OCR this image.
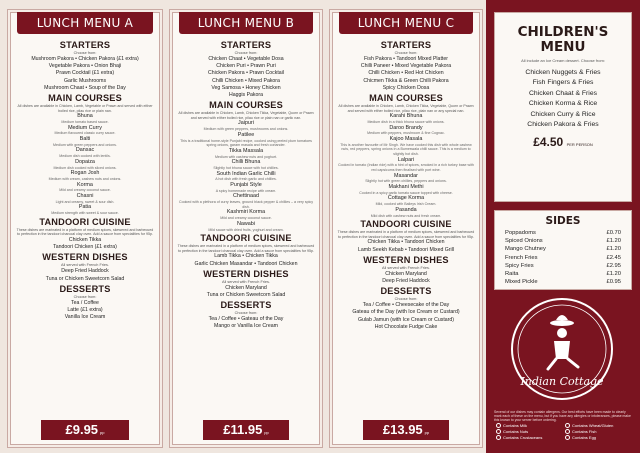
LUNCH MENU A
STARTERS
Choose from:
Mushroom Pakora • Chicken Pakora (£1 extra)
Vegetable Pakora • Onion Bhaji
Prawn Cocktail (£1 extra)
Garlic Mushrooms
Mushroom Chaat • Soup of the Day
MAIN COURSES
All dishes are available in Chicken, Lamb, Vegetable or Prawn and served with either boiled rice, pilau rice or plain nan.
Bhuna
Medium tomato based sauce.
Medium Curry
Medium flavoured classic curry sauce.
Balti
Medium with green peppers and onions.
Dansac
Medium dish cooked with lentils.
Dopaiza
Medium dish cooked with sliced onions.
Rogan Josh
Medium with cream, cashew nuts and onions.
Korma
Mild and creamy coconut sauce.
Chasni
Light and creamy, sweet & sour dish.
Patia
Medium strength with sweet & sour sauce.
TANDOORI CUISINE
These dishes are marinated in a platform of medium spices, skewered and barbecued to perfection in the tandoori charcoal clay oven. Add a sauce from specialities for 95p.
Chicken Tikka
Tandoori Chicken (£1 extra)
WESTERN DISHES
All served with French Fries.
Deep Fried Haddock
Tuna or Chicken Sweetcorn Salad
DESSERTS
Choose from:
Tea / Coffee
Latte (£1 extra)
Vanilla Ice Cream
£9.95 pp
LUNCH MENU B
STARTERS
Choose from:
Chicken Chaat • Vegetable Dosa
Chicken Puri • Prawn Puri
Chicken Pakora • Prawn Cocktail
Chilli Chicken • Mixed Pakora
Veg Samosa • Honey Chicken
Haggis Pakora
MAIN COURSES
All dishes are available in Chicken, Lamb, Chicken Tikka, Vegetable, Quorn or Prawn and served with either boiled rice, pilau rice or plain nan or garlic nan.
Jaipuri
Medium with green peppers, mushrooms and onions.
Patilee
This is a traditional home-style Punjabi recipe, cooked using peeled plum tomatoes spring onions, garam masala and fresh coriander.
Tikka Massala
Medium with cashew nuts and yoghurt.
Chilli Bhuna
Slightly hot bhuna sauce with hot chillies.
South Indian Garlic Chilli
A hot dish with fresh garlic and chillies.
Punjabi Style
A spicy homemade recipe with cream.
Chettinaad
Cooked with a plethora of curry leaves, ground black pepper & chillies – a very spicy dish.
Kashmiri Korma
Mild and creamy coconut sauce.
Nawabi
Mild sauce with dried fruits, yoghurt and cream.
TANDOORI CUISINE
These dishes are marinated in a platform of medium spices, skewered and barbecued to perfection in the tandoori charcoal clay oven. Add a sauce from specialities for 95p.
Lamb Tikka • Chicken Tikka
Garlic Chicken Masandar • Tandoori Chicken
WESTERN DISHES
All served with French Fries.
Chicken Maryland
Tuna or Chicken Sweetcorn Salad
DESSERTS
Choose from:
Tea / Coffee • Gateau of the Day
Mango or Vanilla Ice Cream
£11.95 pp
LUNCH MENU C
STARTERS
Choose from:
Fish Pakora • Tandoori Mixed Platter
Chilli Paneer • Mixed Vegetable Pakora
Chilli Chicken • Red Hot Chicken
Chicmen Tikka & Green Chilli Pakora
Spicy Chicken Dosa
MAIN COURSES
All dishes are available in Chicken, Lamb, Chicken Tikka, Vegetable, Quorn or Prawn and served with either boiled rice, pilau rice, plain nan or any special nan.
Karahi Bhuna
Medium dish in a thick bhuna sauce with onions.
Daroo Brandy
Medium with peppers, mushroom & fine Cognac.
Kajoo Masala
This is another favourite of Mr Singh. We have cooked this dish with whole cashew nuts, red peppers, spring onions in a Bumeswala chilli sauce. This is a medium to slightly hot dish.
Lalpari
Cooked in tomato (Indian ride) with a hint of spices, smoked in a rich turkey base with red capsicums then finalised with port wine.
Masandar
Slightly hot with green chillies, peppers and onions.
Makhani Methi
Cooked in a spicy garlic tomato sauce topped with cheese.
Cottage Korma
Mild, cooked with Baileys Irish Cream.
Pasanda
Mild dish with cashew nuts and fresh cream.
TANDOORI CUISINE
These dishes are marinated in a platform of medium spices, skewered and barbecued to perfection in the tandoori charcoal clay oven. Add a sauce from specialities for 95p.
Chicken Tikka • Tandoori Chicken
Lamb Seekh Kebab • Tandoori Mixed Grill
WESTERN DISHES
All served with French Fries.
Chicken Maryland
Deep Fried Haddock
DESSERTS
Choose from:
Tea / Coffee • Cheesecake of the Day
Gateau of the Day (with Ice Cream or Custard)
Gulab Jamun (with Ice Cream or Custard)
Hot Chocolate Fudge Cake
£13.95 pp
CHILDREN'S
MENU
All include an Ice Cream dessert. Choose from:
Chicken Nuggets & Fries
Fish Fingers & Fries
Chicken Chaat & Fries
Chicken Korma & Rice
Chicken Curry & Rice
Chicken Pakora & Fries
£4.50 PER PERSON
SIDES
Poppadoms	£0.70
Spiced Onions	£1.20
Mango Chutney	£1.20
French Fries	£2.45
Spicy Fries	£2.95
Raita	£1.20
Mixed Pickle	£0.95
Indian Cottage
Several of our dishes may contain allergens. Our best efforts have been made to clearly mark each of these on the menu, but if you have any allergies or intolerances, please make this known to your server before ordering.
Contains Milk	Contains Wheat/Gluten
Contains Nuts	Contains Fish
Contains Crustaceans	Contains Egg
